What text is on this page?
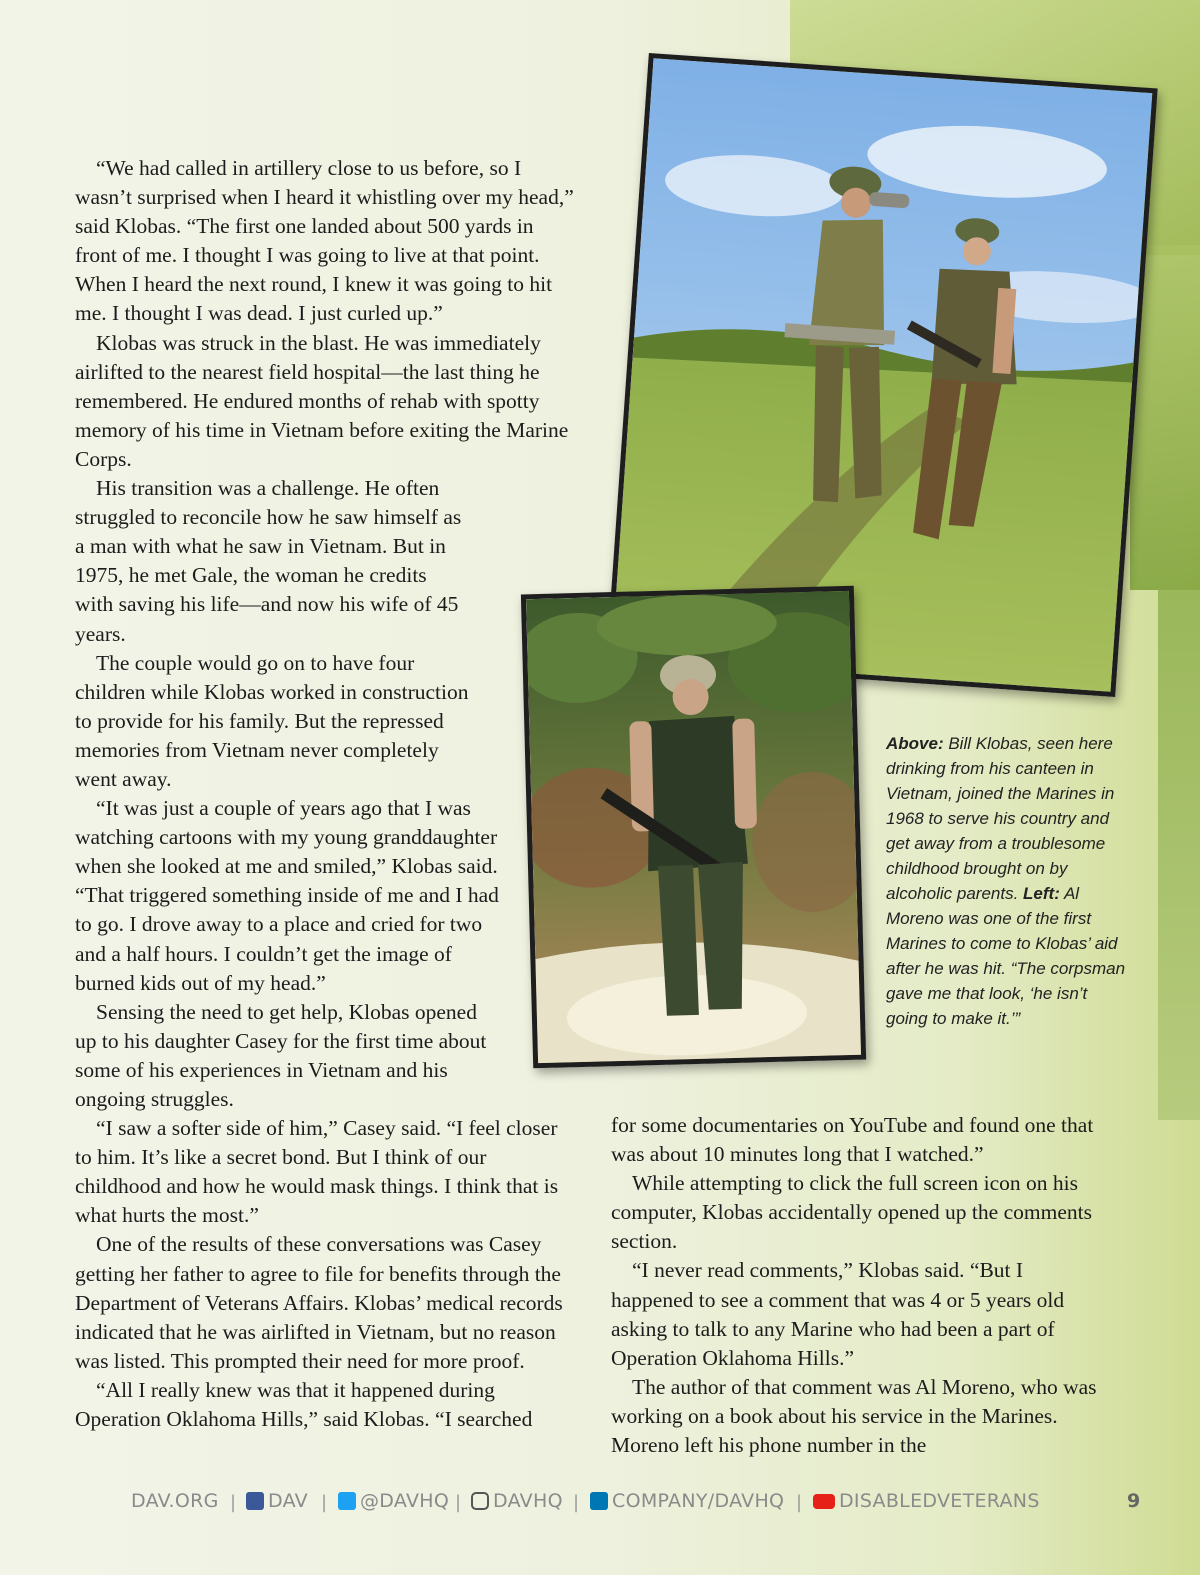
“We had called in artillery close to us before, so I wasn’t surprised when I heard it whistling over my head,” said Klobas. “The first one landed about 500 yards in front of me. I thought I was going to live at that point. When I heard the next round, I knew it was going to hit me. I thought I was dead. I just curled up.”

Klobas was struck in the blast. He was immediately airlifted to the nearest field hospital—the last thing he remembered. He endured months of rehab with spotty memory of his time in Vietnam before exiting the Marine Corps.

His transition was a challenge. He often struggled to reconcile how he saw himself as a man with what he saw in Vietnam. But in 1975, he met Gale, the woman he credits with saving his life—and now his wife of 45 years.

The couple would go on to have four children while Klobas worked in construction to provide for his family. But the repressed memories from Vietnam never completely went away.

“It was just a couple of years ago that I was watching cartoons with my young granddaughter when she looked at me and smiled,” Klobas said. “That triggered something inside of me and I had to go. I drove away to a place and cried for two and a half hours. I couldn’t get the image of burned kids out of my head.”

Sensing the need to get help, Klobas opened up to his daughter Casey for the first time about some of his experiences in Vietnam and his ongoing struggles.

“I saw a softer side of him,” Casey said. “I feel closer to him. It’s like a secret bond. But I think of our childhood and how he would mask things. I think that is what hurts the most.”

One of the results of these conversations was Casey getting her father to agree to file for benefits through the Department of Veterans Affairs. Klobas’ medical records indicated that he was airlifted in Vietnam, but no reason was listed. This prompted their need for more proof.

“All I really knew was that it happened during Operation Oklahoma Hills,” said Klobas. “I searched

for some documentaries on YouTube and found one that was about 10 minutes long that I watched.”

While attempting to click the full screen icon on his computer, Klobas accidentally opened up the comments section.

“I never read comments,” Klobas said. “But I happened to see a comment that was 4 or 5 years old asking to talk to any Marine who had been a part of Operation Oklahoma Hills.”

The author of that comment was Al Moreno, who was working on a book about his service in the Marines. Moreno left his phone number in the

Above: Bill Klobas, seen here drinking from his canteen in Vietnam, joined the Marines in 1968 to serve his country and get away from a troublesome childhood brought on by alcoholic parents. Left: Al Moreno was one of the first Marines to come to Klobas’ aid after he was hit. “The corpsman gave me that look, ‘he isn’t going to make it.’”
DAV.ORG | DAV | @DAVHQ | DAVHQ | COMPANY/DAVHQ | DISABLEDVETERANS	9
